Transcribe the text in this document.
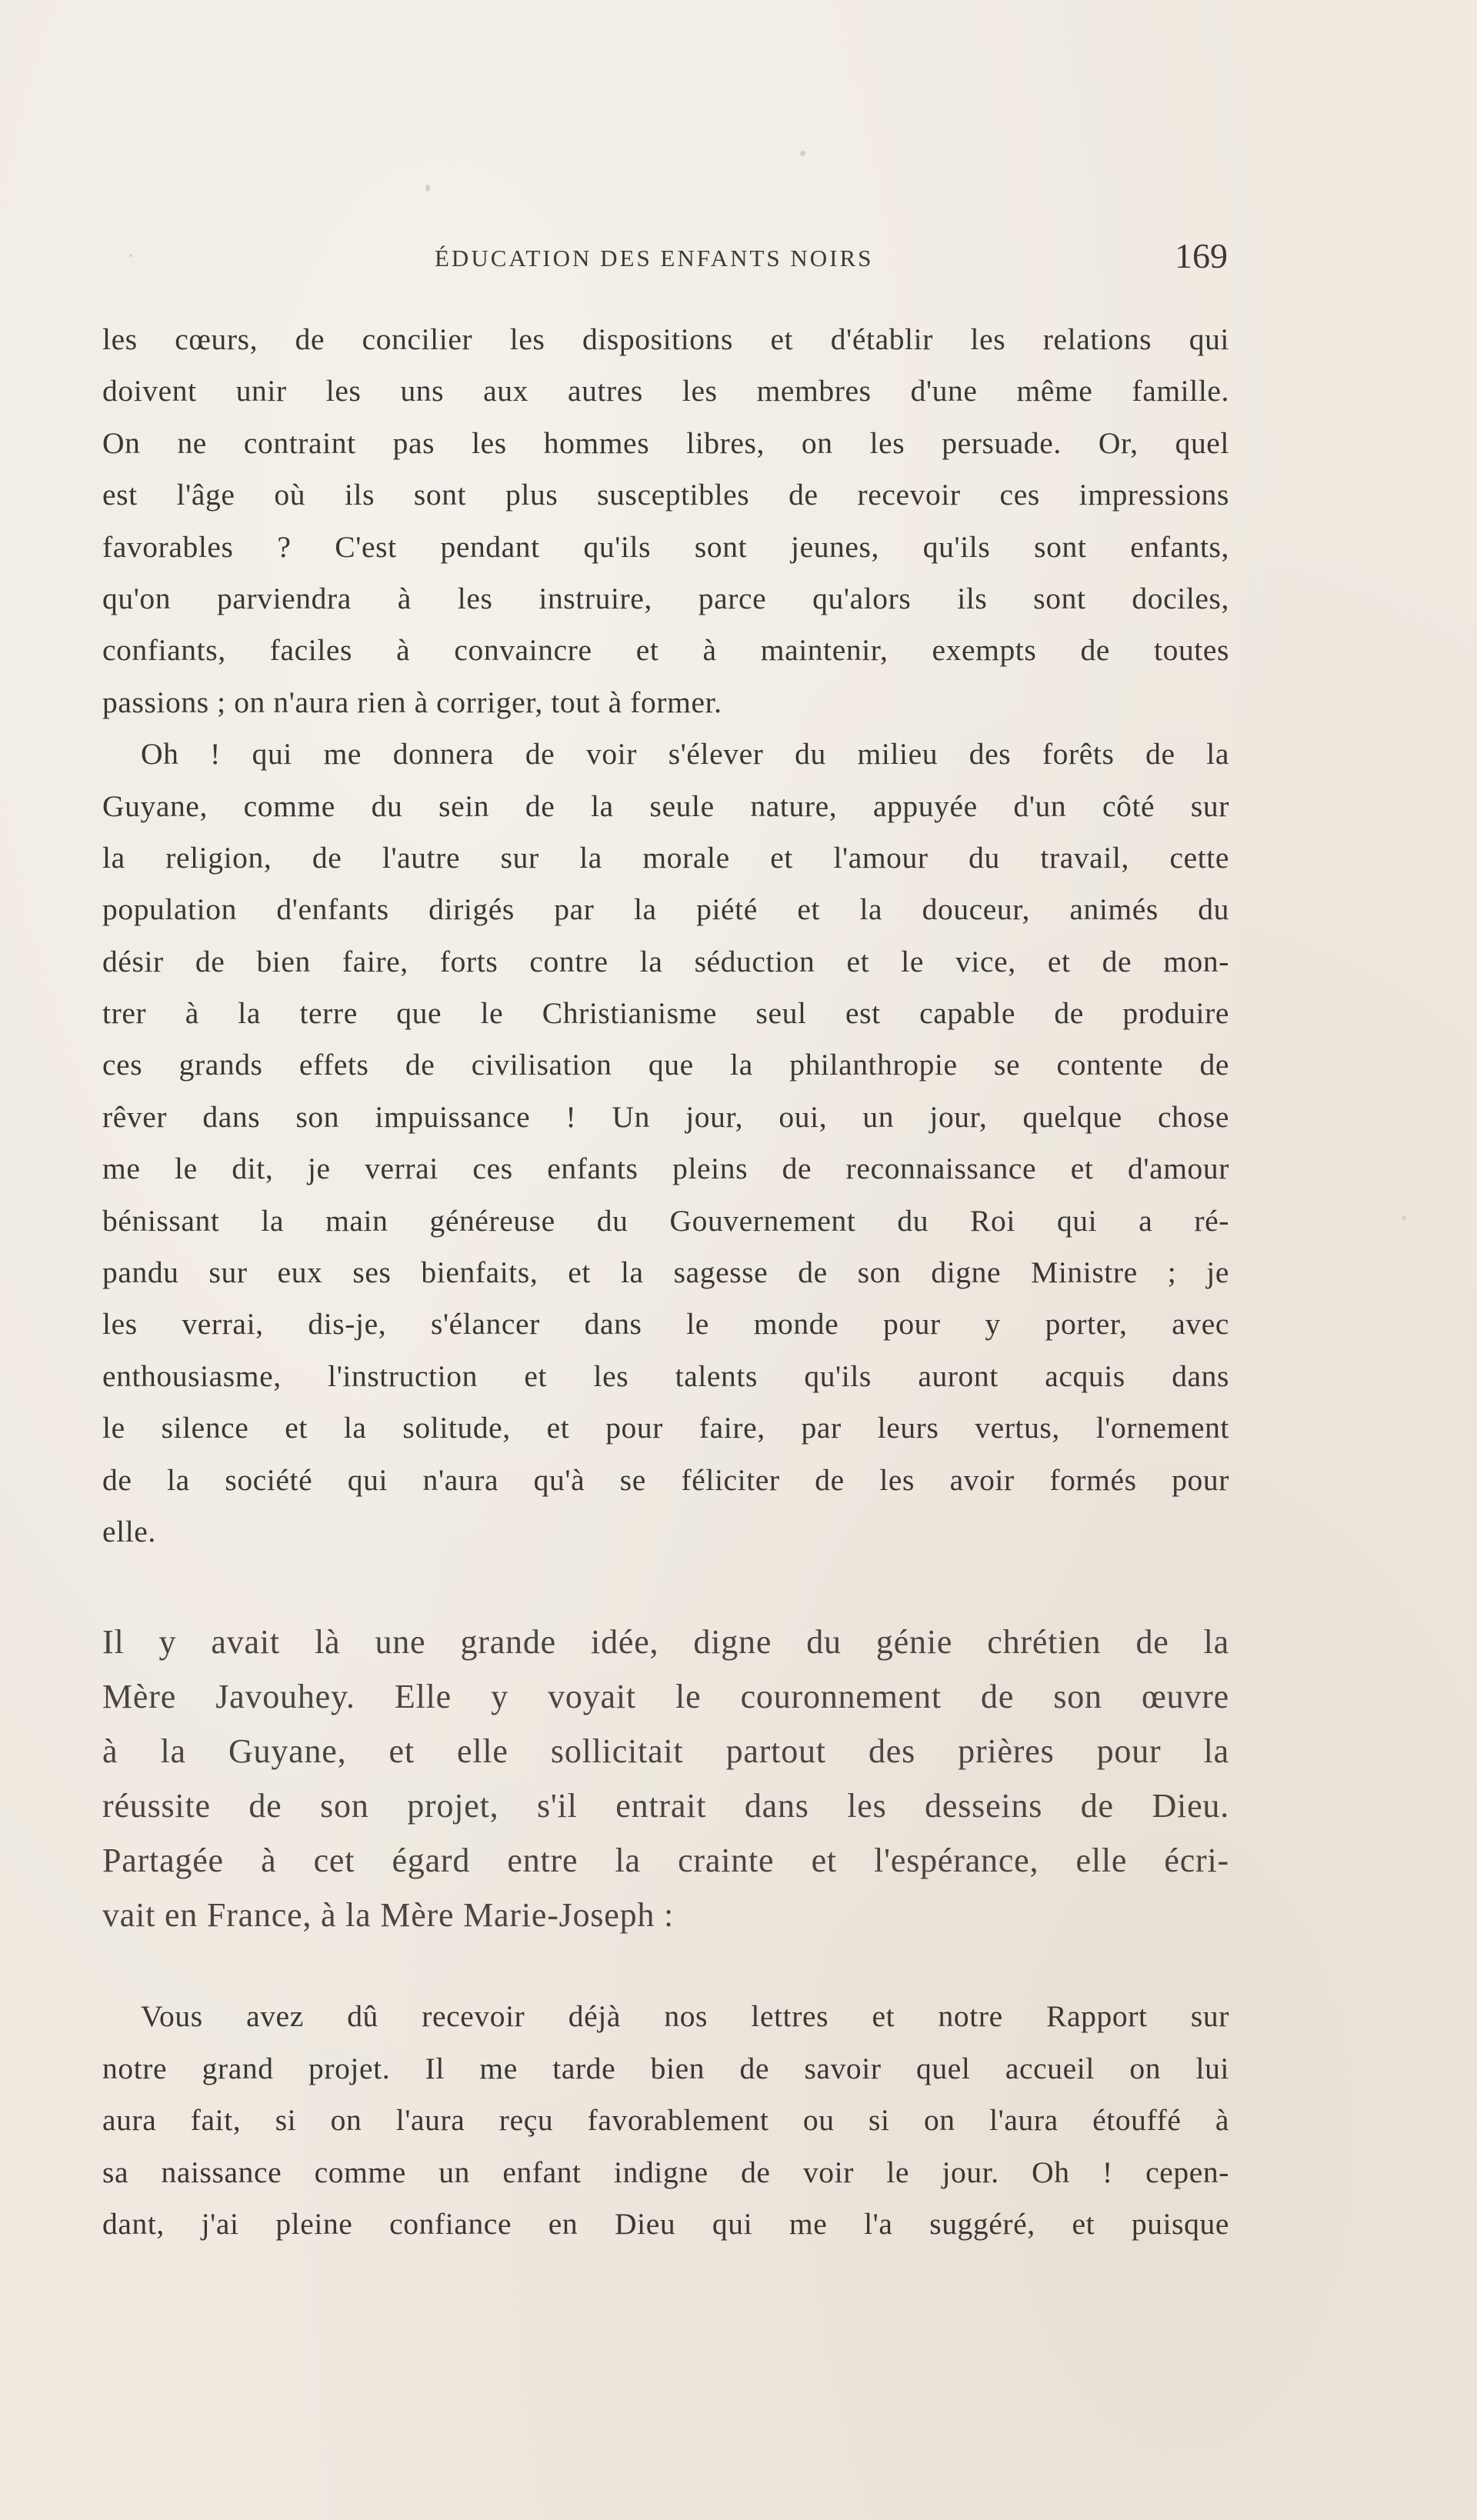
ÉDUCATION DES ENFANTS NOIRS	169
les cœurs, de concilier les dispositions et d'établir les relations qui
doivent unir les uns aux autres les membres d'une même famille.
On ne contraint pas les hommes libres, on les persuade. Or, quel
est l'âge où ils sont plus susceptibles de recevoir ces impressions
favorables ? C'est pendant qu'ils sont jeunes, qu'ils sont enfants,
qu'on parviendra à les instruire, parce qu'alors ils sont dociles,
confiants, faciles à convaincre et à maintenir, exempts de toutes
passions ; on n'aura rien à corriger, tout à former.
Oh ! qui me donnera de voir s'élever du milieu des forêts de la
Guyane, comme du sein de la seule nature, appuyée d'un côté sur
la religion, de l'autre sur la morale et l'amour du travail, cette
population d'enfants dirigés par la piété et la douceur, animés du
désir de bien faire, forts contre la séduction et le vice, et de mon-
trer à la terre que le Christianisme seul est capable de produire
ces grands effets de civilisation que la philanthropie se contente de
rêver dans son impuissance ! Un jour, oui, un jour, quelque chose
me le dit, je verrai ces enfants pleins de reconnaissance et d'amour
bénissant la main généreuse du Gouvernement du Roi qui a ré-
pandu sur eux ses bienfaits, et la sagesse de son digne Ministre ; je
les verrai, dis-je, s'élancer dans le monde pour y porter, avec
enthousiasme, l'instruction et les talents qu'ils auront acquis dans
le silence et la solitude, et pour faire, par leurs vertus, l'ornement
de la société qui n'aura qu'à se féliciter de les avoir formés pour
elle.
Il y avait là une grande idée, digne du génie chrétien de la
Mère Javouhey. Elle y voyait le couronnement de son œuvre
à la Guyane, et elle sollicitait partout des prières pour la
réussite de son projet, s'il entrait dans les desseins de Dieu.
Partagée à cet égard entre la crainte et l'espérance, elle écri-
vait en France, à la Mère Marie-Joseph :
Vous avez dû recevoir déjà nos lettres et notre Rapport sur
notre grand projet. Il me tarde bien de savoir quel accueil on lui
aura fait, si on l'aura reçu favorablement ou si on l'aura étouffé à
sa naissance comme un enfant indigne de voir le jour. Oh ! cepen-
dant, j'ai pleine confiance en Dieu qui me l'a suggéré, et puisque
